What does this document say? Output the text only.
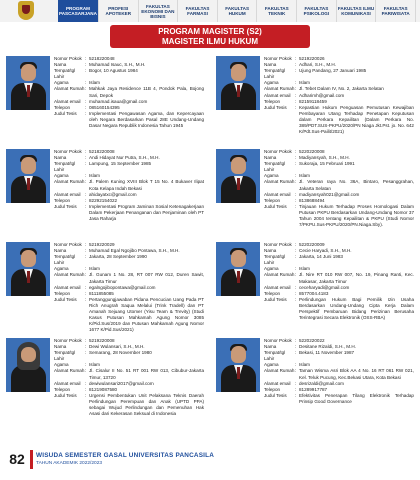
PROGRAM PASCASARJANA
PROFESI APOTEKER
FAKULTAS EKONOMI DAN BISNIS
FAKULTAS FARMASI
FAKULTAS HUKUM
FAKULTAS TEKNIK
FAKULTAS PSIKOLOGI
FAKULTAS ILMU KOMUNIKASI
FAKULTAS PARIWISATA
PROGRAM MAGISTER (S2)
MAGISTER ILMU HUKUM
Nomor Pokok : 5218220048
Nama	: Muhamad Isauc, S.H., M.H.
Tempat/tgl Lahir
: Bogor, 10 Agustus 1984
Agama	: Islam
Alamat Rumah : Mahkak Jaya Residence 11B 4, Pondok Pala, Bojong Sari, Depok
Alamat email : muhamad.isaua@gmail.com
Telepon	: 085160154395
Judul Tesis	: Implementasi Pengawasan Agama, dan Kepercayaan oleh Negara Berdasarkan Pasal 28E Undang-Undang Dasar Negara Republik Indonesia Tahun 1945
Nomor Pokok : 5219220026
Nama	: Adhari, S.H., M.H.
Tempat/tgl Lahir
: Ujung Pandang, 27 Januari 1985
Agama	: Islam
Alamat Rumah : Jl. Tebet Dalam IV, No. 2, Jakarta Selatan
Alamat email : Adharimh@gmail.com
Telepon	: 82159118459
Judul Tesis	: Kepastian Hukum Penguasan Pemutusan Kewajiban Pembayaran Utang Terhadap Penetapan Keputusan dalam Perkara Kepailitan (Dalam Perkara No. 389/PDT.SUS-PKPU/2020/PN Niaga Jkt.Pst. jo. No. 642 K/Pdt.Sus-Pailit/2021)
Nomor Pokok : 5218220008
Nama	: Andi Hidayat Nur Putra, S.H., M.H.
Tempat/tgl Lahir
: Lampung, 15 September 1985
Agama	: Islam
Alamat Rumah : Jl. Palem Kuning XVIII Blok T 15 No. 4 Bukaver Ilipat Kota Kelapa Indah Bekasi
Alamat email : ahidayatxc@gmail.com
Telepon	: 82292154022
Judul Tesis	: Implementasi Program Jaminan Sosial Ketenagakerjaan Dalam Pekerjaan Penanganan dan Penjaminan oleh PT Jasa Raharja
Nomor Pokok : 5220220008
Nama	: Madiyansyah, S.H., M.H.
Tempat/tgl Lahir
: Sukoraja, 15 Februari 1991
Agama	: Islam
Alamat Rumah : Jl. Veteran raya No. 36A, Bintaro, Pesanggrahan, Jakarta Selatan
Alamat email : madiyansyah021@gmail.com
Telepon	: 8138688494
Judul Tesis	: Tinjauan Hukum Terhadap Proses Homologasi Dalam Putusan PKPU Berdasarkan Undang-Undang Nomor 37 Tahun 2004 tentang Kepailitan & PKPU (Studi Nomor 7/PKPU.Sus-PKPU/2020/PN.Niaga.Sby).
Nomor Pokok : 5219220029
Nama	: Muhamad Egal Ngojibo Pontawa, S.H., M.H.
Tempat/tgl Lahir
: Jakarta, 28 September 1990
Agama	: Islam
Alamat Rumah : Jl. Gunam 1 No. 28, RT 007 RW 012, Duren Sawit, Jakarta Timur
Alamat email : egalngojibopontawa@gmail.com
Telepon	: 8111855085
Judul Tesis	: Pertanggungjawaban Pidana Pencucian Uang Pada PT Rich Anugrah Saqua Melalui (Trink Tradell) dan PT Amanah Sejuang Utomer (Yisu Team & Trevity) (Studi Kasus Putusan Mahkamah Agung Nomor 3085 K/Pid.Sus/2019 dan Putusan Mahkamah Agung Nomor 1677 K/Pid.Sus/2021)
Nomor Pokok : 5220220009
Nama	: Cecie Haryadi, S.H., M.H.
Tempat/tgl Lahir
: Jakarta, 14 Juni 1983
Agama	: Islam
Alamat Rumah : Jl. Nire RT 010 RW 007, No. 19, Pinang Ranti, Kec. Makasar, Jakarta Timur
Alamat email : ceceharyadi@gmail.com
Telepon	: 8577004.4183
Judul Tesis	: Perlindungan Hukum Bagi Pemilik Izin Usaha Berdasarkan Undang-Undang Cipta Kerja Dalam Perspektif Pembaruan Bidang Perizinan Berusaha Terintegrasi Secara Elektronik (OSS-RBA)
Nomor Pokok : 5219220008
Nama	: Dewi Wulansari, S.H., M.H.
Tempat/tgl Lahir
: Semarang, 28 November 1980
Agama	: Islam
Alamat Rumah : Jl. Cisalur II No. 51 RT 001 RW 013, Cibubur-Jakarta Timur, 13720
Alamat email : dewiwulansari2017@gmail.com
Telepon	: 81219087580
Judul Tesis	: Urgensi Pembentukan Unit Pelaksana Teknis Daerah Perlindungan Perempuan dan Anak (UPTD PPA) sebagai Wujud Perlindungan dan Pemenuhan Hak Asasi dari Kekerasan Seksual di Indonesia
Nomor Pokok : 5220220022
Nama	: Desitane Rizaldi, S.H., M.H.
Tempat/tgl Lahir
: Bekasi, 11 November 1987
Agama	: Islam
Alamat Rumah : Taman Wisma Asri Blok AA 4 No. 16 RT 061 RW 021, Kel. Teluk Pucung, Kec.Bekasi Utara, Kota Bekasi
Alamat email : desrizaldi@gmail.com
Telepon	: 81289917787
Judul Tesis	: Efektivitas Penerapan Tilang Elektronik Terhadap Prinsip Good Governance
82	WISUDA SEMESTER GASAL UNIVERSITAS PANCASILA
TAHUN AKADEMIK 2022/2023
